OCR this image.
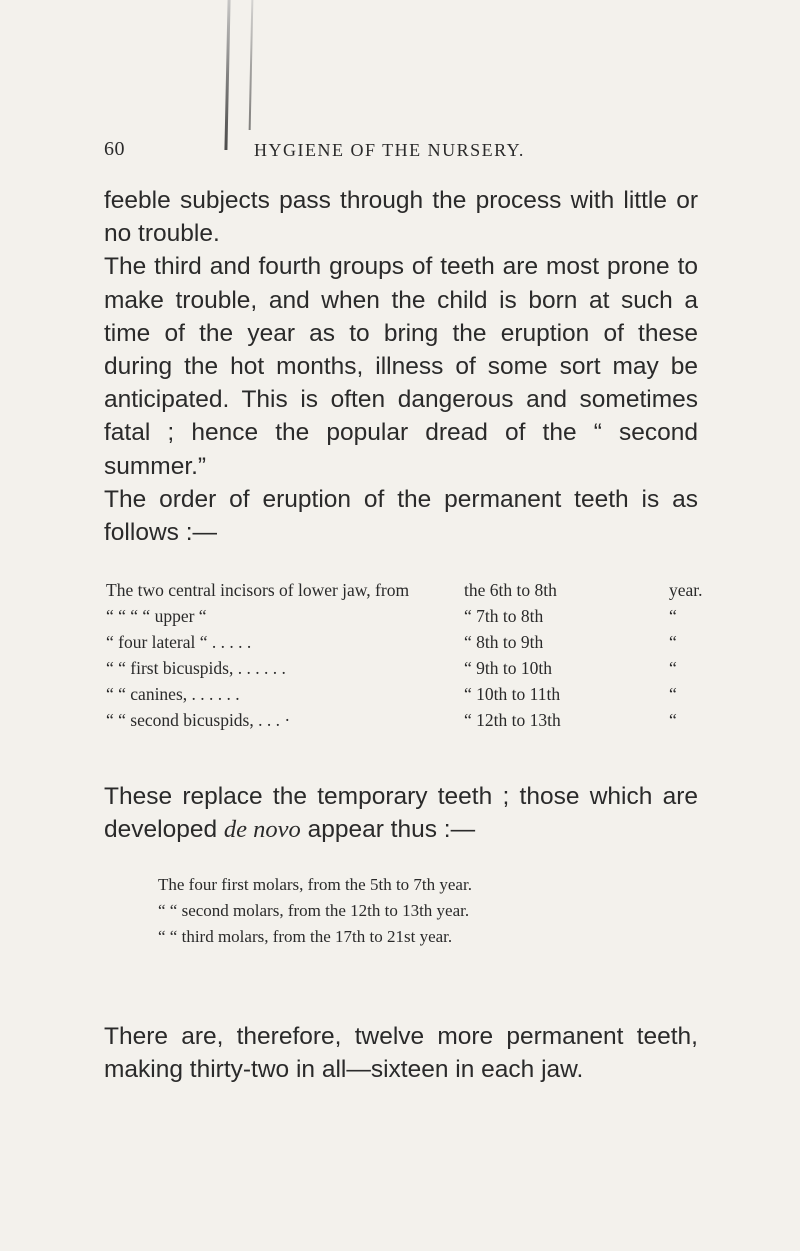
60	HYGIENE OF THE NURSERY.

feeble subjects pass through the process with little or no trouble.

The third and fourth groups of teeth are most prone to make trouble, and when the child is born at such a time of the year as to bring the eruption of these during the hot months, illness of some sort may be anticipated. This is often dangerous and sometimes fatal ; hence the popular dread of the “ second summer.”

The order of eruption of the permanent teeth is as follows :—

The two central incisors of lower jaw, from	the 6th to 8th	year.
“ “ “ “ upper “	“ 7th to 8th	“
“ four lateral “ . . . . .	“ 8th to 9th	“
“ “ first bicuspids, . . . . . .	“ 9th to 10th	“
“ “ canines, . . . . . .	“ 10th to 11th	“
“ “ second bicuspids, . . . ·	“ 12th to 13th	“
These replace the temporary teeth ; those which are developed de novo appear thus :—
The four first molars, from the 5th to 7th year.
“ “ second molars, from the 12th to 13th year.
“ “ third molars, from the 17th to 21st year.
There are, therefore, twelve more permanent teeth, making thirty-two in all—sixteen in each jaw.
